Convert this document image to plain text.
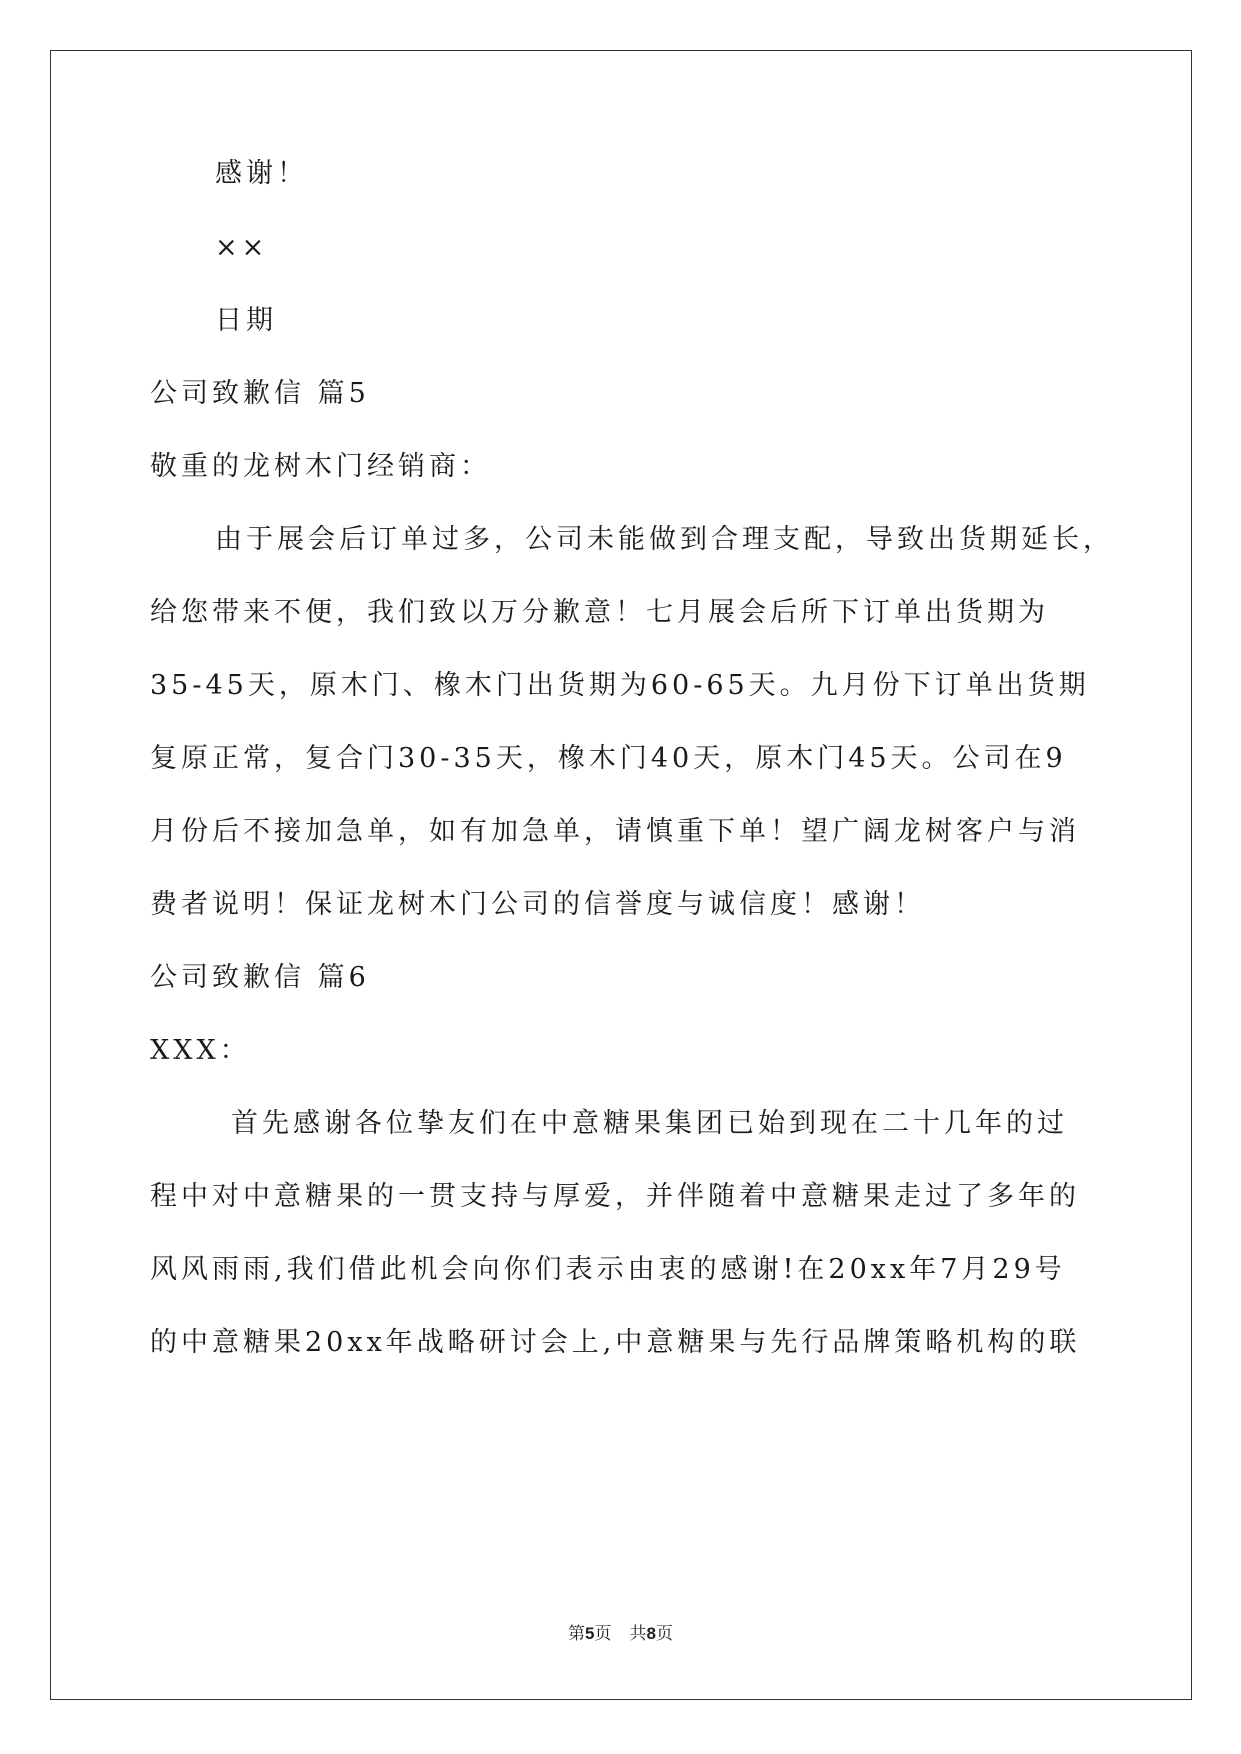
感谢！
××
日期
公司致歉信 篇5
敬重的龙树木门经销商：
由于展会后订单过多，公司未能做到合理支配，导致出货期延长，
给您带来不便，我们致以万分歉意！七月展会后所下订单出货期为
35-45天，原木门、橡木门出货期为60-65天。九月份下订单出货期
复原正常，复合门30-35天，橡木门40天，原木门45天。公司在9
月份后不接加急单，如有加急单，请慎重下单！望广阔龙树客户与消
费者说明！保证龙树木门公司的信誉度与诚信度！感谢！
公司致歉信 篇6
XXX：
首先感谢各位挚友们在中意糖果集团已始到现在二十几年的过
程中对中意糖果的一贯支持与厚爱，并伴随着中意糖果走过了多年的
风风雨雨,我们借此机会向你们表示由衷的感谢!在20xx年7月29号
的中意糖果20xx年战略研讨会上,中意糖果与先行品牌策略机构的联
第5页 共8页
